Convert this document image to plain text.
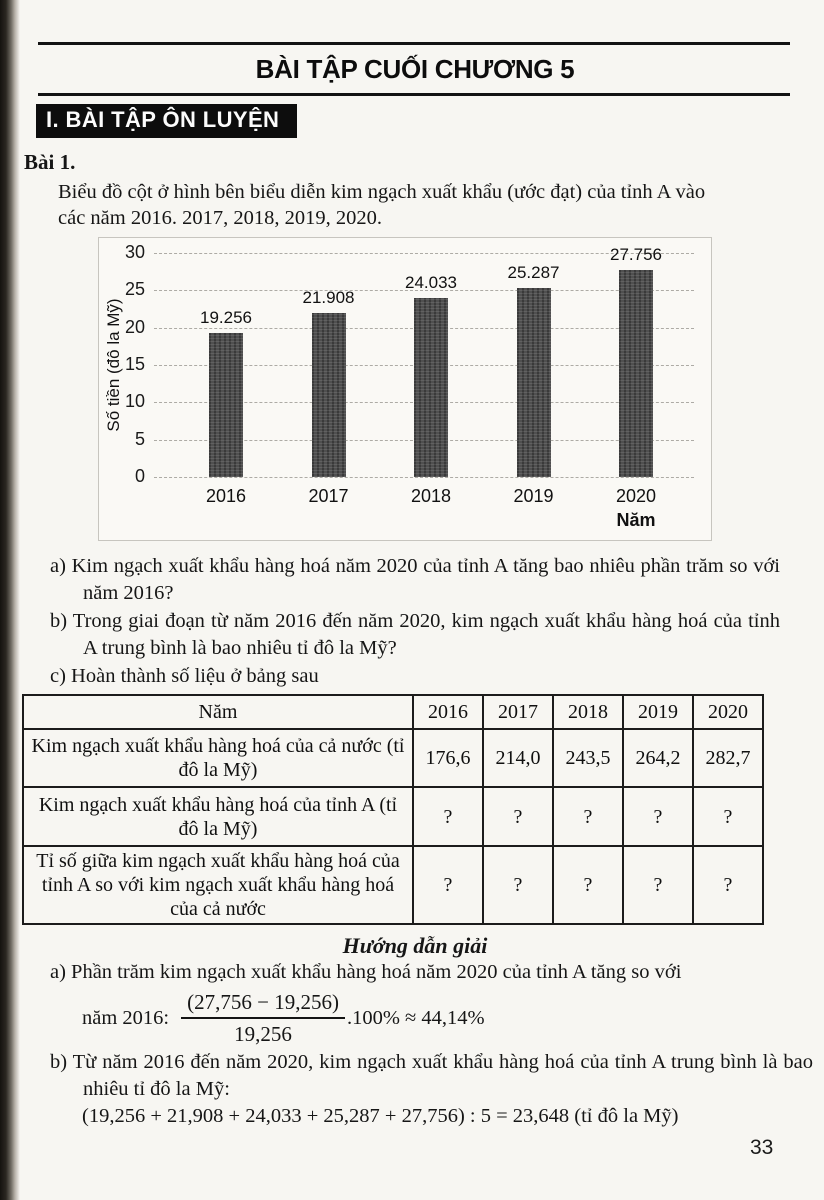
BÀI TẬP CUỐI CHƯƠNG 5
I. BÀI TẬP ÔN LUYỆN
Bài 1.
Biểu đồ cột ở hình bên biểu diễn kim ngạch xuất khẩu (ước đạt) của tỉnh A vào
các năm 2016. 2017, 2018, 2019, 2020.
Số tiền (đô la Mỹ)	19.256
21.908
24.033	25.287
27.756
Năm
0
5
10
15
20
25
30
2016	2017	2018	2019	2020
a) Kim ngạch xuất khẩu hàng hoá năm 2020 của tỉnh A tăng bao nhiêu phần trăm so với năm 2016?
b) Trong giai đoạn từ năm 2016 đến năm 2020, kim ngạch xuất khẩu hàng hoá của tỉnh A trung bình là bao nhiêu tỉ đô la Mỹ?
c) Hoàn thành số liệu ở bảng sau
Năm	2016	2017	2018	2019	2020
Kim ngạch xuất khẩu hàng hoá của cả nước (tỉ đô la Mỹ)	176,6	214,0	243,5	264,2	282,7
Kim ngạch xuất khẩu hàng hoá của tỉnh A (tỉ đô la Mỹ)	?	?	?	?	?
Tỉ số giữa kim ngạch xuất khẩu hàng hoá của tỉnh A so với kim ngạch xuất khẩu hàng hoá của cả nước	?	?	?	?	?
Hướng dẫn giải
a) Phần trăm kim ngạch xuất khẩu hàng hoá năm 2020 của tỉnh A tăng so với
năm 2016: $\frac{(27,756 - 19,256)}{19,256} .100\% \approx 44,14\%$
b) Từ năm 2016 đến năm 2020, kim ngạch xuất khẩu hàng hoá của tỉnh A trung bình là bao nhiêu tỉ đô la Mỹ:
(19,256 + 21,908 + 24,033 + 25,287 + 27,756) : 5 = 23,648 (tỉ đô la Mỹ)
33
